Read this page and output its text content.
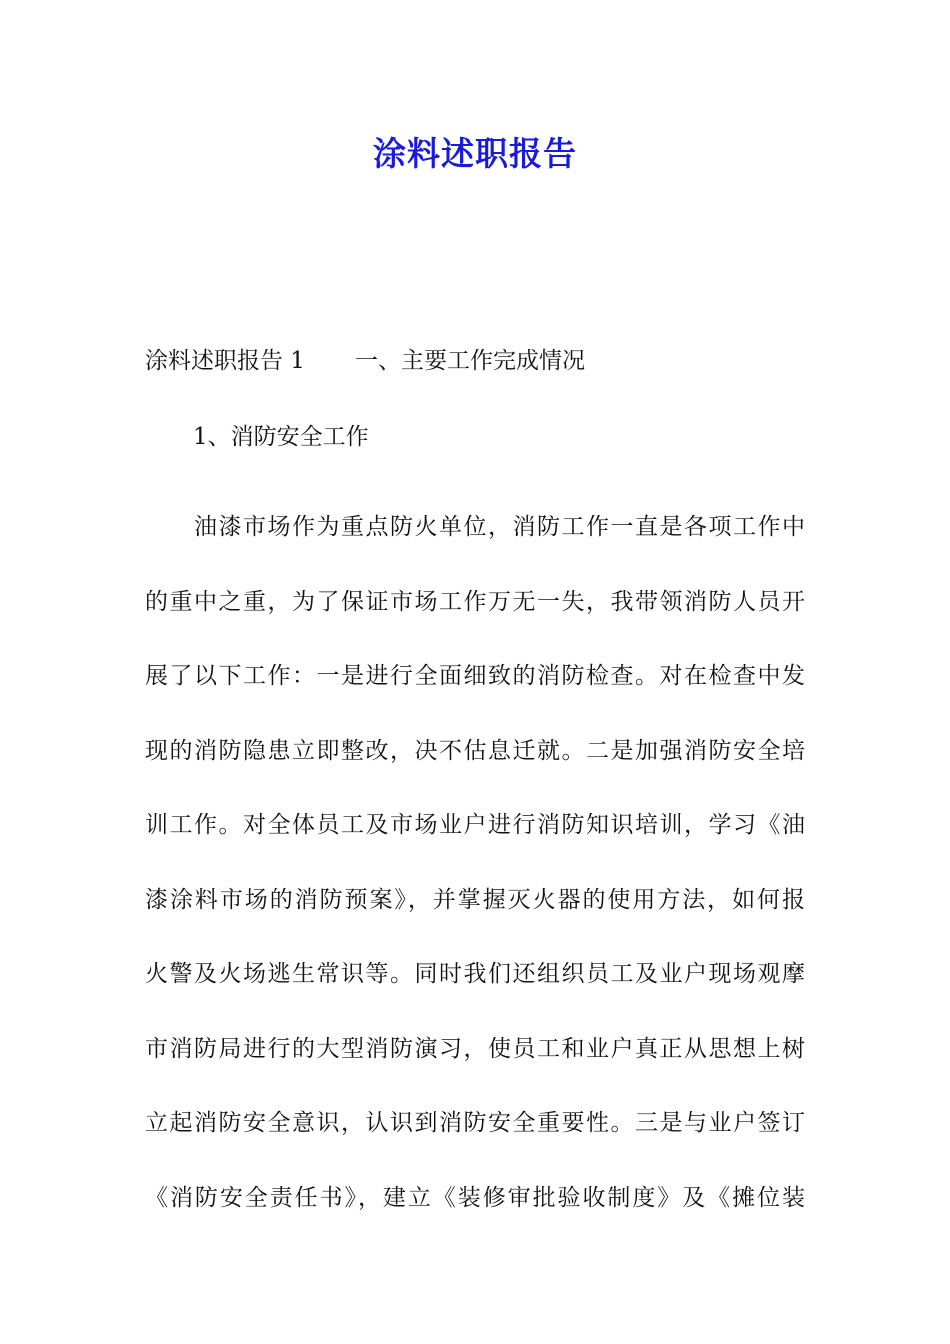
涂料述职报告

涂料述职报告 1 一、主要工作完成情况

1、消防安全工作

　　油漆市场作为重点防火单位，消防工作一直是各项工作中
的重中之重，为了保证市场工作万无一失，我带领消防人员开
展了以下工作：一是进行全面细致的消防检查。对在检查中发
现的消防隐患立即整改，决不估息迁就。二是加强消防安全培
训工作。对全体员工及市场业户进行消防知识培训，学习《油
漆涂料市场的消防预案》，并掌握灭火器的使用方法，如何报
火警及火场逃生常识等。同时我们还组织员工及业户现场观摩
市消防局进行的大型消防演习，使员工和业户真正从思想上树
立起消防安全意识，认识到消防安全重要性。三是与业户签订
《消防安全责任书》，建立《装修审批验收制度》及《摊位装
